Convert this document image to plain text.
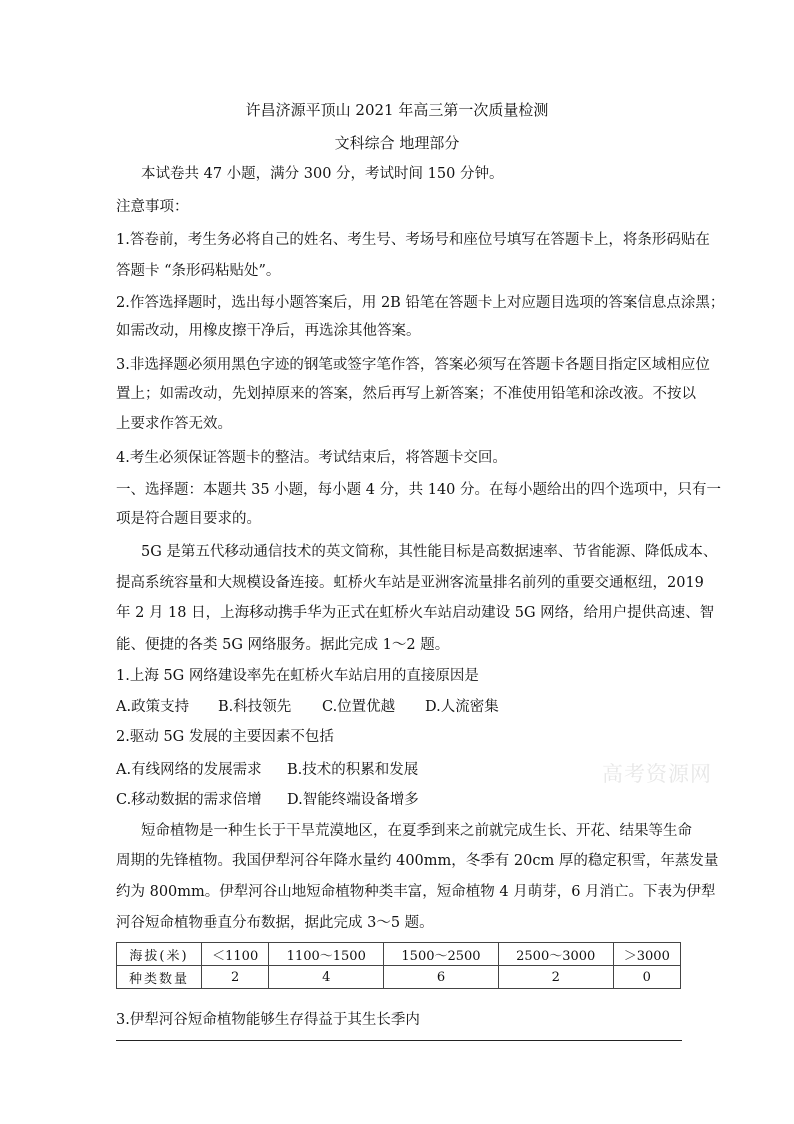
许昌济源平顶山 2021 年高三第一次质量检测
文科综合 地理部分
本试卷共 47 小题，满分 300 分，考试时间 150 分钟。
注意事项：
1.答卷前，考生务必将自己的姓名、考生号、考场号和座位号填写在答题卡上，将条形码贴在
答题卡 “条形码粘贴处”。
2.作答选择题时，选出每小题答案后，用 2B 铅笔在答题卡上对应题目选项的答案信息点涂黑；
如需改动，用橡皮擦干净后，再选涂其他答案。
3.非选择题必须用黑色字迹的钢笔或签字笔作答，答案必须写在答题卡各题目指定区域相应位
置上；如需改动，先划掉原来的答案，然后再写上新答案；不准使用铅笔和涂改液。不按以
上要求作答无效。
4.考生必须保证答题卡的整洁。考试结束后，将答题卡交回。
一、选择题：本题共 35 小题，每小题 4 分，共 140 分。在每小题给出的四个选项中，只有一
项是符合题目要求的。
5G 是第五代移动通信技术的英文简称，其性能目标是高数据速率、节省能源、降低成本、
提高系统容量和大规模设备连接。虹桥火车站是亚洲客流量排名前列的重要交通枢纽，2019
年 2 月 18 日，上海移动携手华为正式在虹桥火车站启动建设 5G 网络，给用户提供高速、智
能、便捷的各类 5G 网络服务。据此完成 1～2 题。
1.上海 5G 网络建设率先在虹桥火车站启用的直接原因是
A.政策支持 B.科技领先 C.位置优越 D.人流密集
2.驱动 5G 发展的主要因素不包括
A.有线网络的发展需求 B.技术的积累和发展
C.移动数据的需求倍增 D.智能终端设备增多
短命植物是一种生长于干旱荒漠地区，在夏季到来之前就完成生长、开花、结果等生命
周期的先锋植物。我国伊犁河谷年降水量约 400mm，冬季有 20cm 厚的稳定积雪，年蒸发量
约为 800mm。伊犁河谷山地短命植物种类丰富，短命植物 4 月萌芽，6 月消亡。下表为伊犁
河谷短命植物垂直分布数据，据此完成 3～5 题。
海拔(米)	＜1100	1100～1500	1500～2500	2500～3000	＞3000
种类数量	2	4	6	2	0
3.伊犁河谷短命植物能够生存得益于其生长季内
高考资源网
